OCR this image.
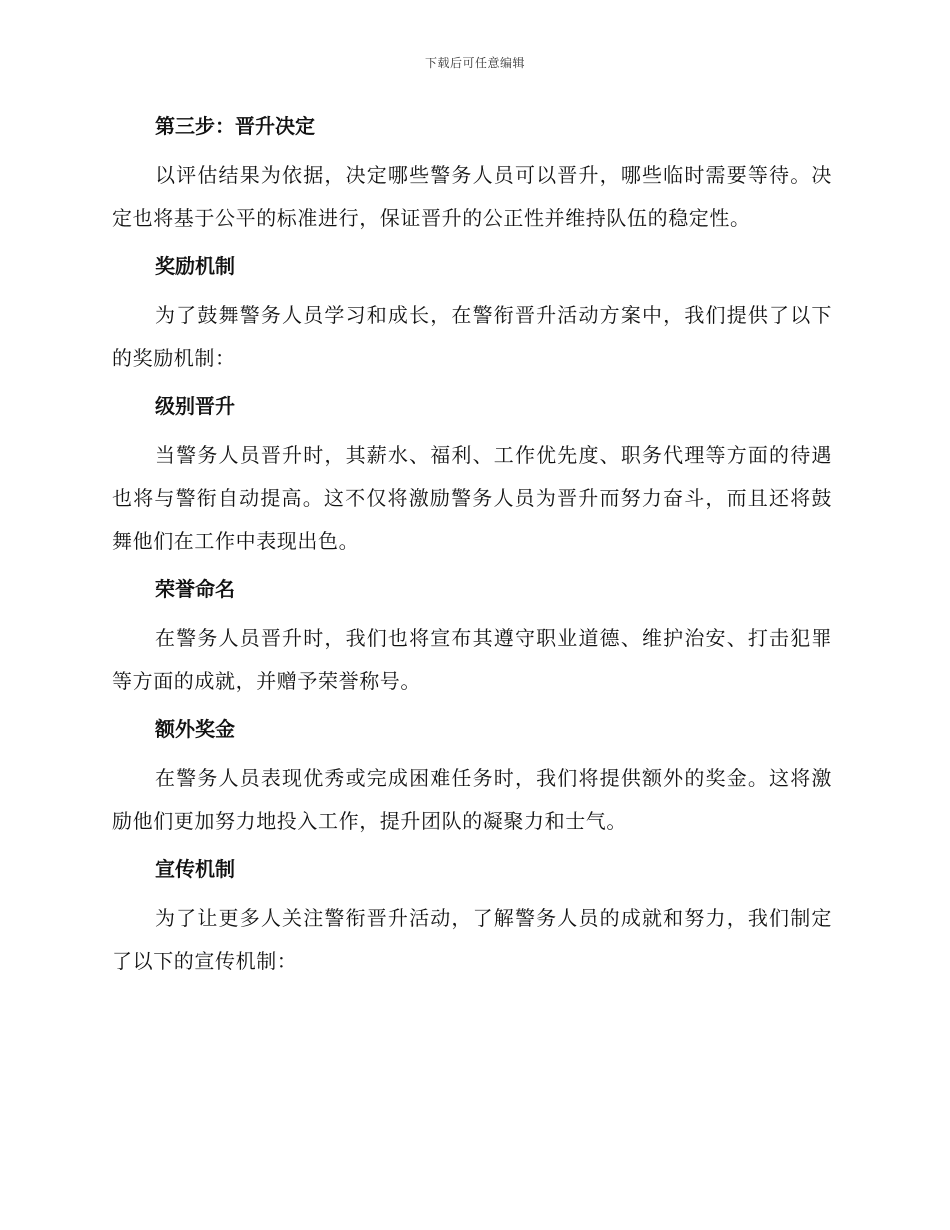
下载后可任意编辑
第三步：晋升决定

以评估结果为依据，决定哪些警务人员可以晋升，哪些临时需要等待。决定也将基于公平的标准进行，保证晋升的公正性并维持队伍的稳定性。

奖励机制

为了鼓舞警务人员学习和成长，在警衔晋升活动方案中，我们提供了以下的奖励机制：

级别晋升

当警务人员晋升时，其薪水、福利、工作优先度、职务代理等方面的待遇也将与警衔自动提高。这不仅将激励警务人员为晋升而努力奋斗，而且还将鼓舞他们在工作中表现出色。

荣誉命名

在警务人员晋升时，我们也将宣布其遵守职业道德、维护治安、打击犯罪等方面的成就，并赠予荣誉称号。

额外奖金

在警务人员表现优秀或完成困难任务时，我们将提供额外的奖金。这将激励他们更加努力地投入工作，提升团队的凝聚力和士气。

宣传机制

为了让更多人关注警衔晋升活动，了解警务人员的成就和努力，我们制定了以下的宣传机制：
